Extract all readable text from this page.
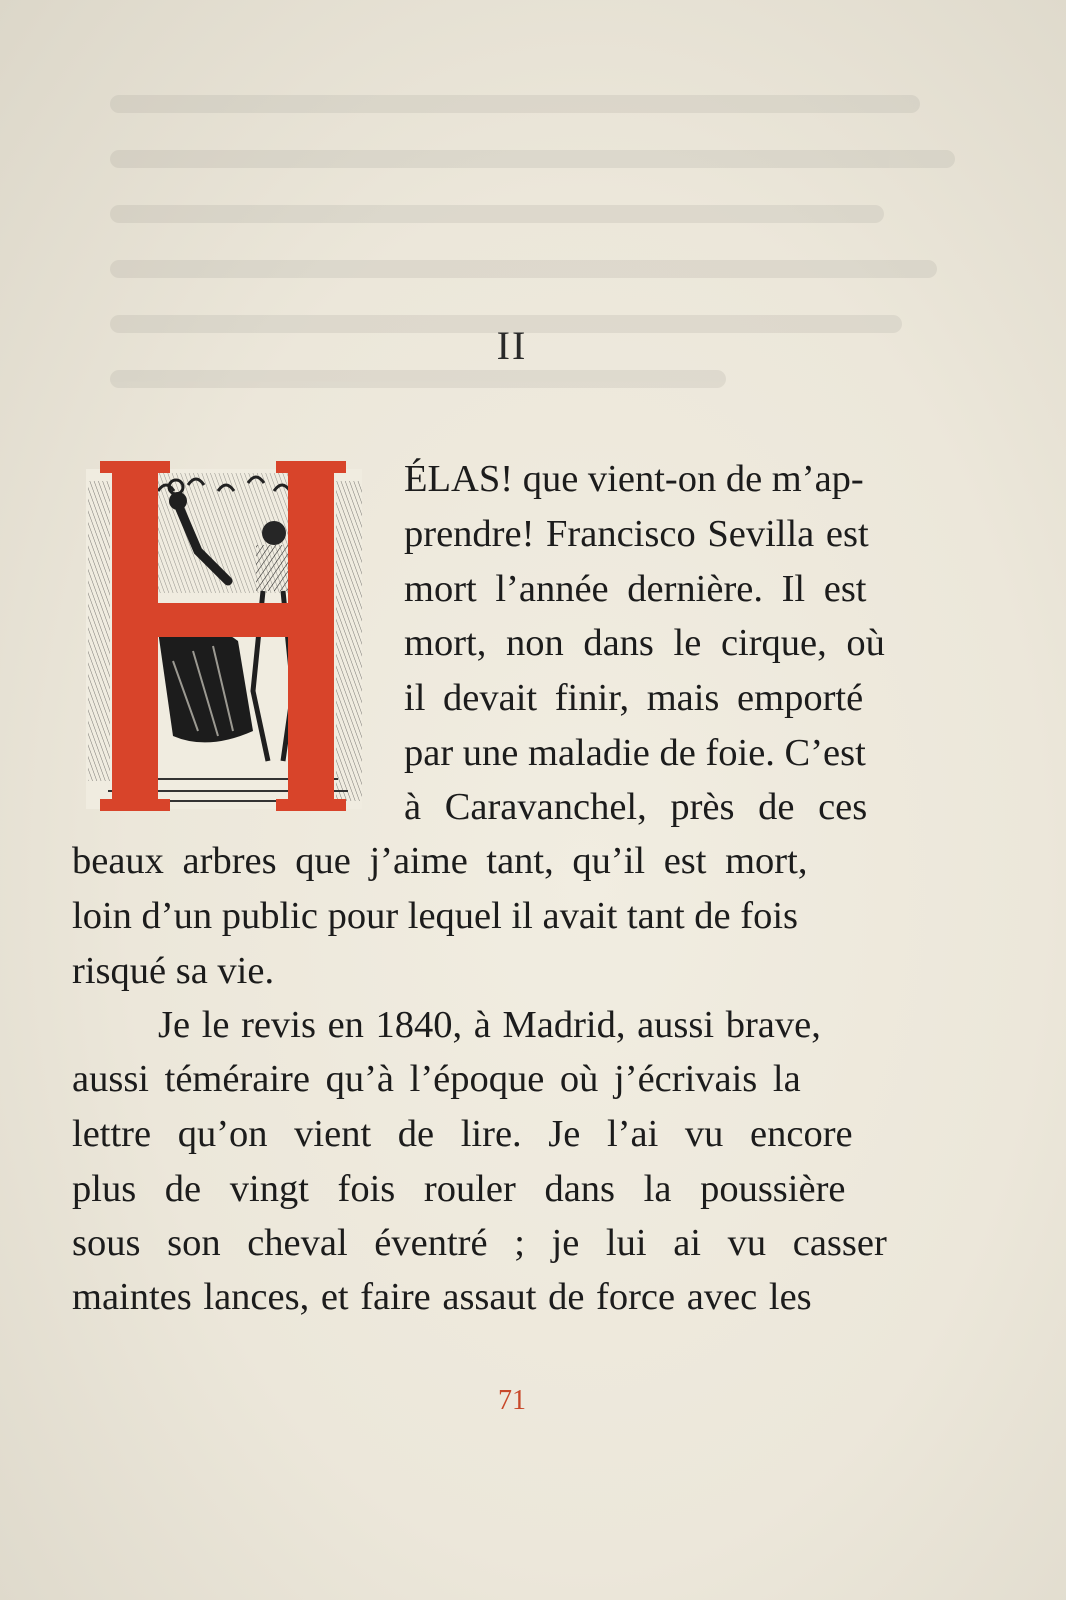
II
H	ÉLAS! que vient-on de m’ap-
prendre! Francisco Sevilla est
mort l’année dernière. Il est
mort, non dans le cirque, où
il devait finir, mais emporté
par une maladie de foie. C’est
à Caravanchel, près de ces
beaux arbres que j’aime tant, qu’il est mort,
loin d’un public pour lequel il avait tant de fois
risqué sa vie.
Je le revis en 1840, à Madrid, aussi brave,
aussi téméraire qu’à l’époque où j’écrivais la
lettre qu’on vient de lire. Je l’ai vu encore
plus de vingt fois rouler dans la poussière
sous son cheval éventré ; je lui ai vu casser
maintes lances, et faire assaut de force avec les
71
